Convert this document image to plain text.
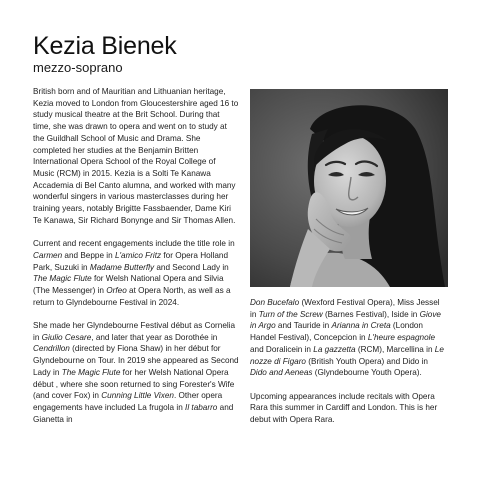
Kezia Bienek
mezzo-soprano

British born and of Mauritian and Lithuanian heritage, Kezia moved to London from Gloucestershire aged 16 to study musical theatre at the Brit School. During that time, she was drawn to opera and went on to study at the Guildhall School of Music and Drama. She completed her studies at the Benjamin Britten International Opera School of the Royal College of Music (RCM) in 2015. Kezia is a Solti Te Kanawa Accademia di Bel Canto alumna, and worked with many wonderful singers in various masterclasses during her training years, notably Brigitte Fassbaender, Dame Kiri Te Kanawa, Sir Richard Bonynge and Sir Thomas Allen.

Current and recent engagements include the title role in Carmen and Beppe in L'amico Fritz for Opera Holland Park, Suzuki in Madame Butterfly and Second Lady in The Magic Flute for Welsh National Opera and Silvia (The Messenger) in Orfeo at Opera North, as well as a return to Glyndebourne Festival in 2024.

She made her Glyndebourne Festival début as Cornelia in Giulio Cesare, and later that year as Dorothée in Cendrillon (directed by Fiona Shaw) in her début for Glyndebourne on Tour. In 2019 she appeared as Second Lady in The Magic Flute for her Welsh National Opera début , where she soon returned to sing Forester's Wife (and cover Fox) in Cunning Little Vixen. Other opera engagements have included La frugola in Il tabarro and Gianetta in

Don Bucefalo (Wexford Festival Opera), Miss Jessel in Turn of the Screw (Barnes Festival), Iside in Giove in Argo and Tauride in Arianna in Creta (London Handel Festival), Concepcion in L'heure espagnole and Doralicein in La gazzetta (RCM), Marcellina in Le nozze di Figaro (British Youth Opera) and Dido in Dido and Aeneas (Glyndebourne Youth Opera).

Upcoming appearances include recitals with Opera Rara this summer in Cardiff and London. This is her debut with Opera Rara.
